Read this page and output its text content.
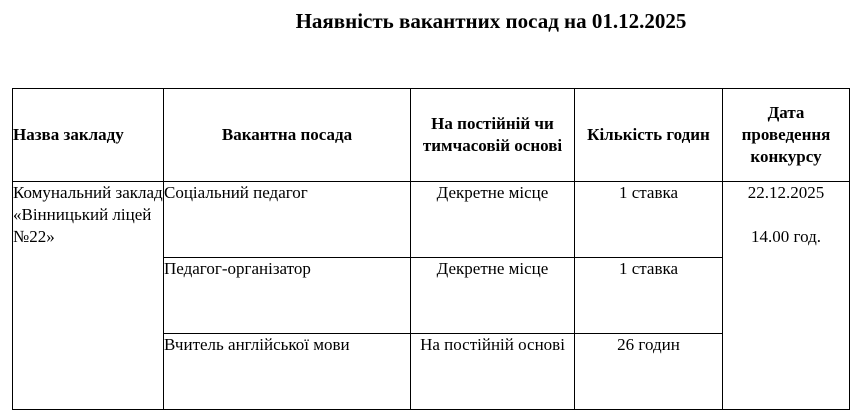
Наявність вакантних посад на 01.12.2025
Назва закладу	Вакантна посада	На постійній чи тимчасовій основі	Кількість годин	Дата проведення конкурсу
Комунальний заклад «Вінницький ліцей №22»	Соціальний педагог	Декретне місце	1 ставка	22.12.2025
14.00 год.

	Педагог-організатор	Декретне місце	1 ставка	
	Вчитель англійської мови	На постійній основі	26 годин	
